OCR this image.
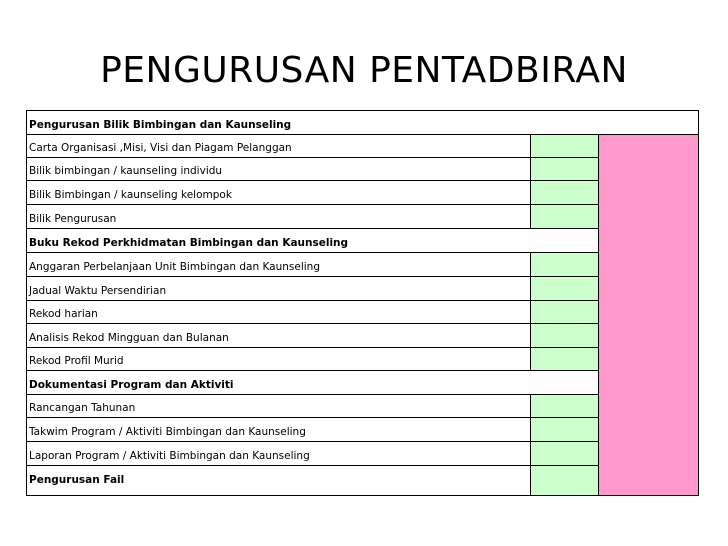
PENGURUSAN PENTADBIRAN
Pengurusan Bilik Bimbingan dan Kaunseling
Carta Organisasi ,Misi, Visi dan Piagam Pelanggan
Bilik bimbingan / kaunseling individu
Bilik Bimbingan / kaunseling kelompok
Bilik Pengurusan
Buku Rekod Perkhidmatan Bimbingan dan Kaunseling
Anggaran Perbelanjaan Unit Bimbingan dan Kaunseling
Jadual Waktu Persendirian
Rekod harian
Analisis Rekod Mingguan dan Bulanan
Rekod Profil Murid
Dokumentasi Program dan Aktiviti
Rancangan Tahunan
Takwim Program / Aktiviti Bimbingan dan Kaunseling
Laporan Program / Aktiviti Bimbingan dan Kaunseling
Pengurusan Fail
